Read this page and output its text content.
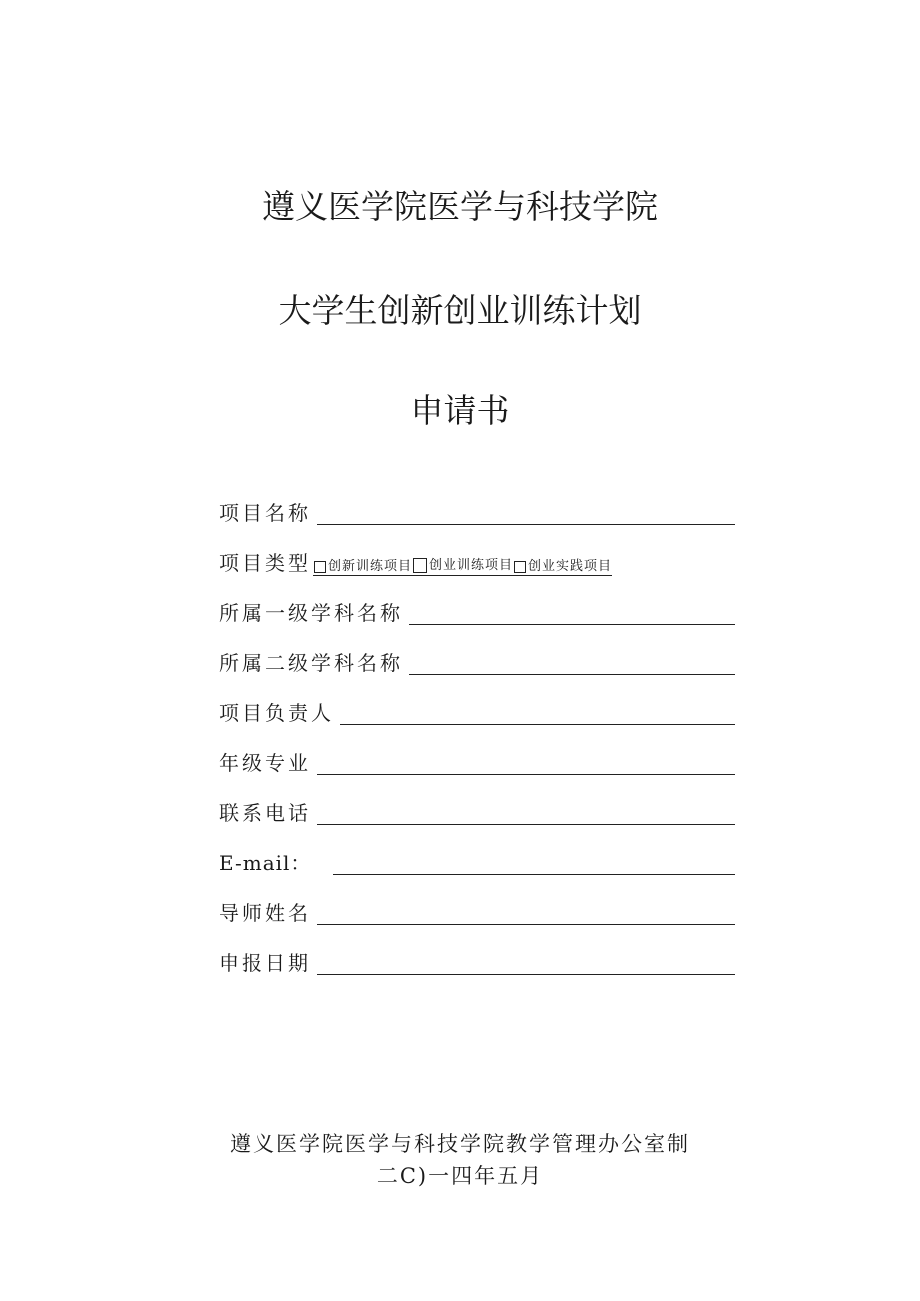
遵义医学院医学与科技学院
大学生创新创业训练计划
申请书
项目名称
项目类型 创新训练项目 创业训练项目 创业实践项目
所属一级学科名称
所属二级学科名称
项目负责人
年级专业
联系电话
E-mail：
导师姓名
申报日期
遵义医学院医学与科技学院教学管理办公室制
二C)一四年五月
